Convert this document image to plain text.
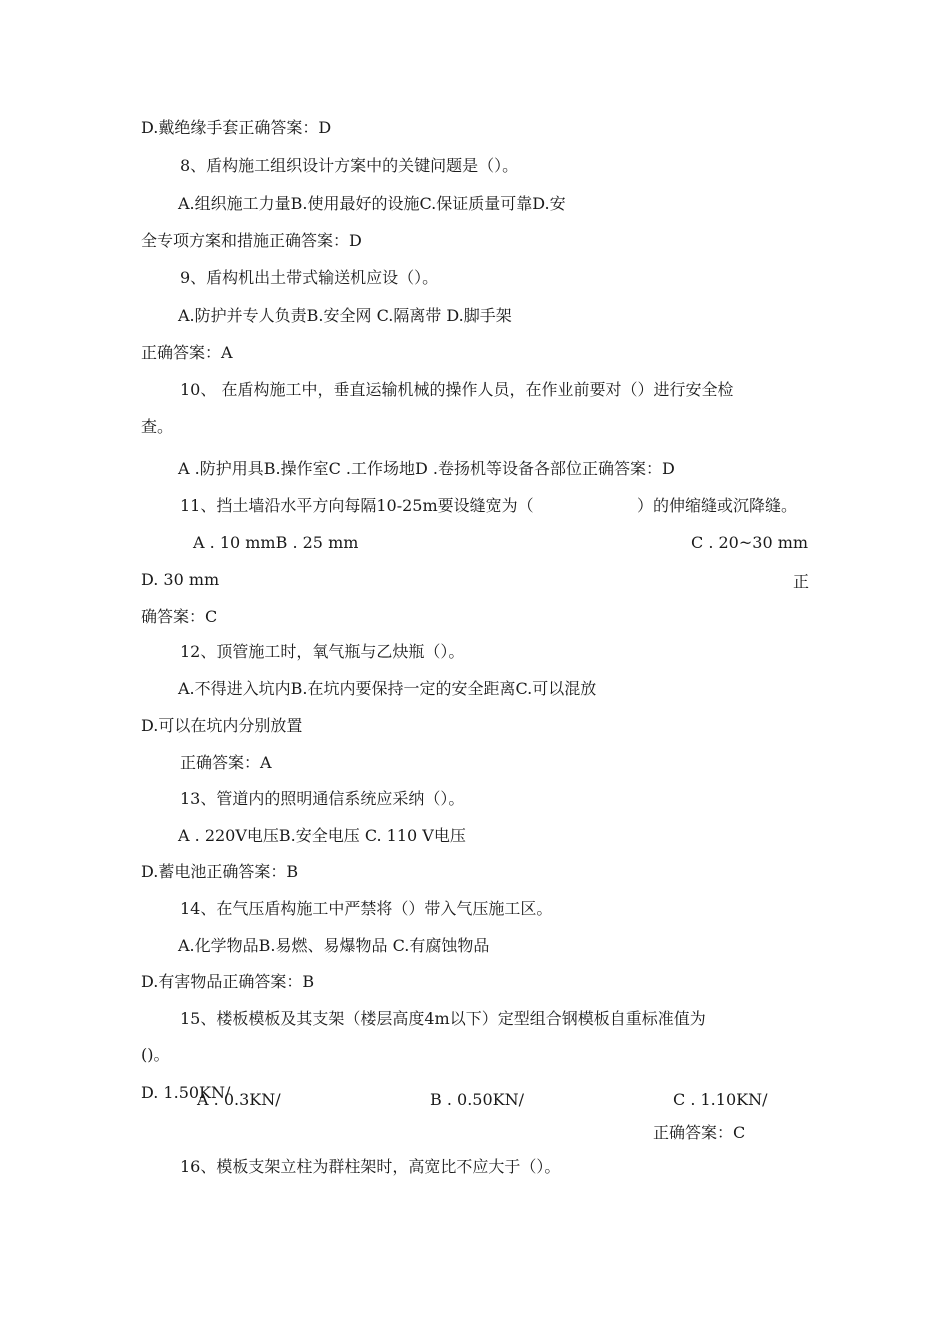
D.戴绝缘手套正确答案：D
8、盾构施工组织设计方案中的关键问题是（）。
A.组织施工力量B.使用最好的设施C.保证质量可靠D.安
全专项方案和措施正确答案：D
9、盾构机出土带式输送机应设（）。
A.防护并专人负责B.安全网 C.隔离带 D.脚手架
正确答案：A
10、 在盾构施工中，垂直运输机械的操作人员，在作业前要对（）进行安全检
查。
A .防护用具B.操作室C .工作场地D .卷扬机等设备各部位正确答案：D
11、挡土墙沿水平方向每隔10-25m要设缝宽为（	）的伸缩缝或沉降缝。
A . 10 mmB . 25 mm	C . 20~30 mm
D. 30 mm	正
确答案：C
12、顶管施工时，氧气瓶与乙炔瓶（）。
A.不得进入坑内B.在坑内要保持一定的安全距离C.可以混放
D.可以在坑内分别放置
正确答案：A
13、管道内的照明通信系统应采纳（）。
A . 220V电压B.安全电压 C. 110 V电压
D.蓄电池正确答案：B
14、在气压盾构施工中严禁将（）带入气压施工区。
A.化学物品B.易燃、易爆物品 C.有腐蚀物品
D.有害物品正确答案：B
15、楼板模板及其支架（楼层高度4m以下）定型组合钢模板自重标准值为
()。
D. 1.50KN/
A . 0.3KN/	B . 0.50KN/	C . 1.10KN/
正确答案：C
16、模板支架立柱为群柱架时，高宽比不应大于（）。
